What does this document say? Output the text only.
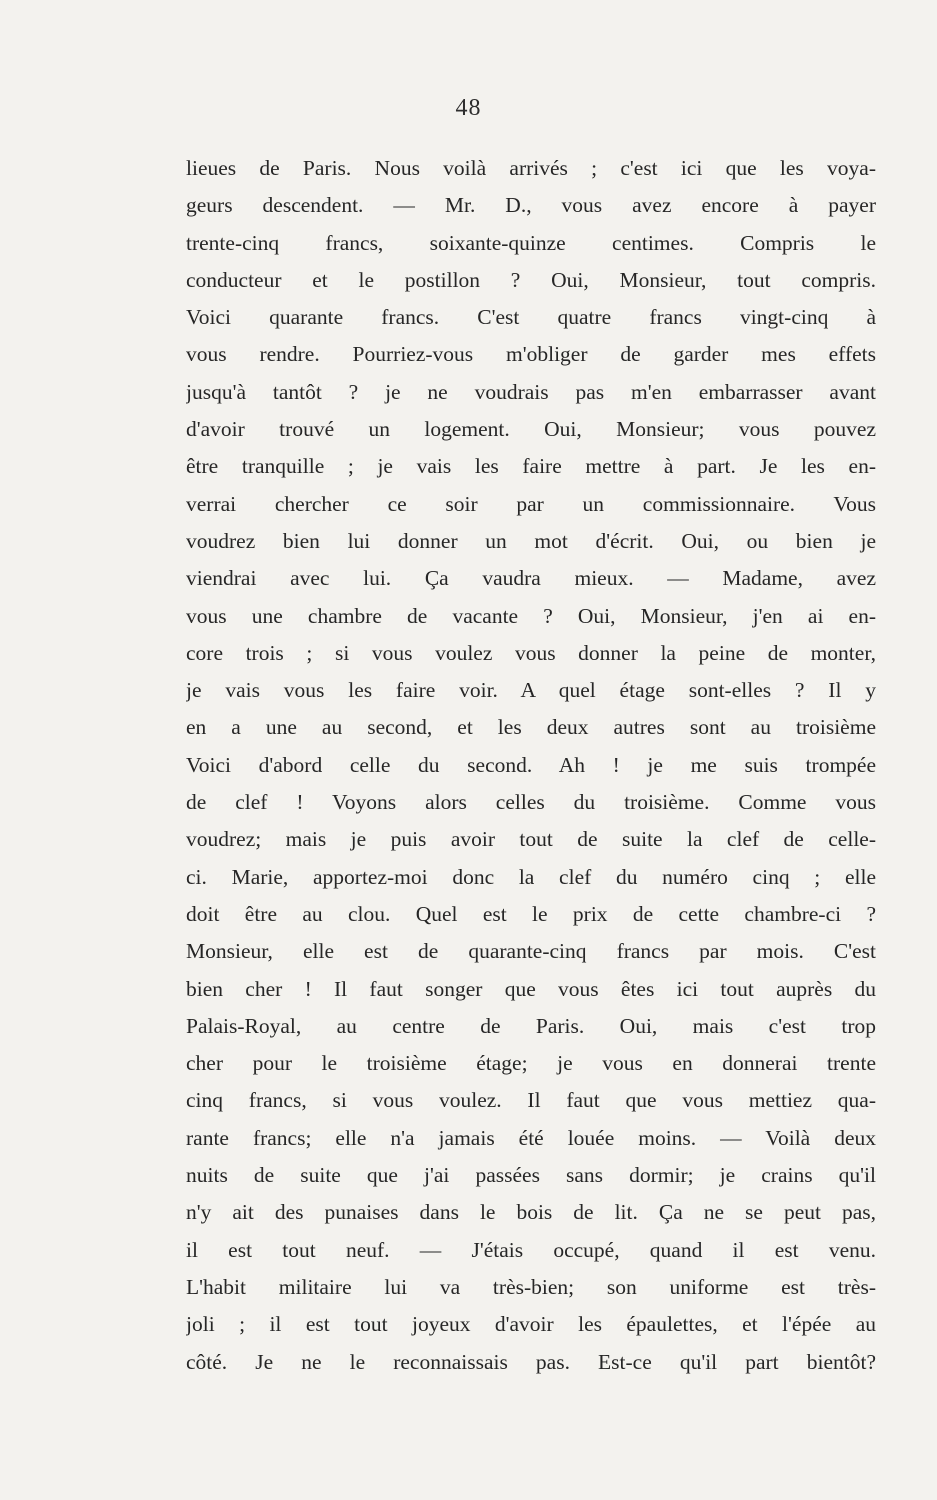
48
lieues de Paris. Nous voilà arrivés ; c'est ici que les voya-
geurs descendent. — Mr. D., vous avez encore à payer
trente-cinq francs, soixante-quinze centimes. Compris le
conducteur et le postillon ? Oui, Monsieur, tout compris.
Voici quarante francs. C'est quatre francs vingt-cinq à
vous rendre. Pourriez-vous m'obliger de garder mes effets
jusqu'à tantôt ? je ne voudrais pas m'en embarrasser avant
d'avoir trouvé un logement. Oui, Monsieur; vous pouvez
être tranquille ; je vais les faire mettre à part. Je les en-
verrai chercher ce soir par un commissionnaire. Vous
voudrez bien lui donner un mot d'écrit. Oui, ou bien je
viendrai avec lui. Ça vaudra mieux. — Madame, avez
vous une chambre de vacante ? Oui, Monsieur, j'en ai en-
core trois ; si vous voulez vous donner la peine de monter,
je vais vous les faire voir. A quel étage sont-elles ? Il y
en a une au second, et les deux autres sont au troisième
Voici d'abord celle du second. Ah ! je me suis trompée
de clef ! Voyons alors celles du troisième. Comme vous
voudrez; mais je puis avoir tout de suite la clef de celle-
ci. Marie, apportez-moi donc la clef du numéro cinq ; elle
doit être au clou. Quel est le prix de cette chambre-ci ?
Monsieur, elle est de quarante-cinq francs par mois. C'est
bien cher ! Il faut songer que vous êtes ici tout auprès du
Palais-Royal, au centre de Paris. Oui, mais c'est trop
cher pour le troisième étage; je vous en donnerai trente
cinq francs, si vous voulez. Il faut que vous mettiez qua-
rante francs; elle n'a jamais été louée moins. — Voilà deux
nuits de suite que j'ai passées sans dormir; je crains qu'il
n'y ait des punaises dans le bois de lit. Ça ne se peut pas,
il est tout neuf. — J'étais occupé, quand il est venu.
L'habit militaire lui va très-bien; son uniforme est très-
joli ; il est tout joyeux d'avoir les épaulettes, et l'épée au
côté. Je ne le reconnaissais pas. Est-ce qu'il part bientôt?
